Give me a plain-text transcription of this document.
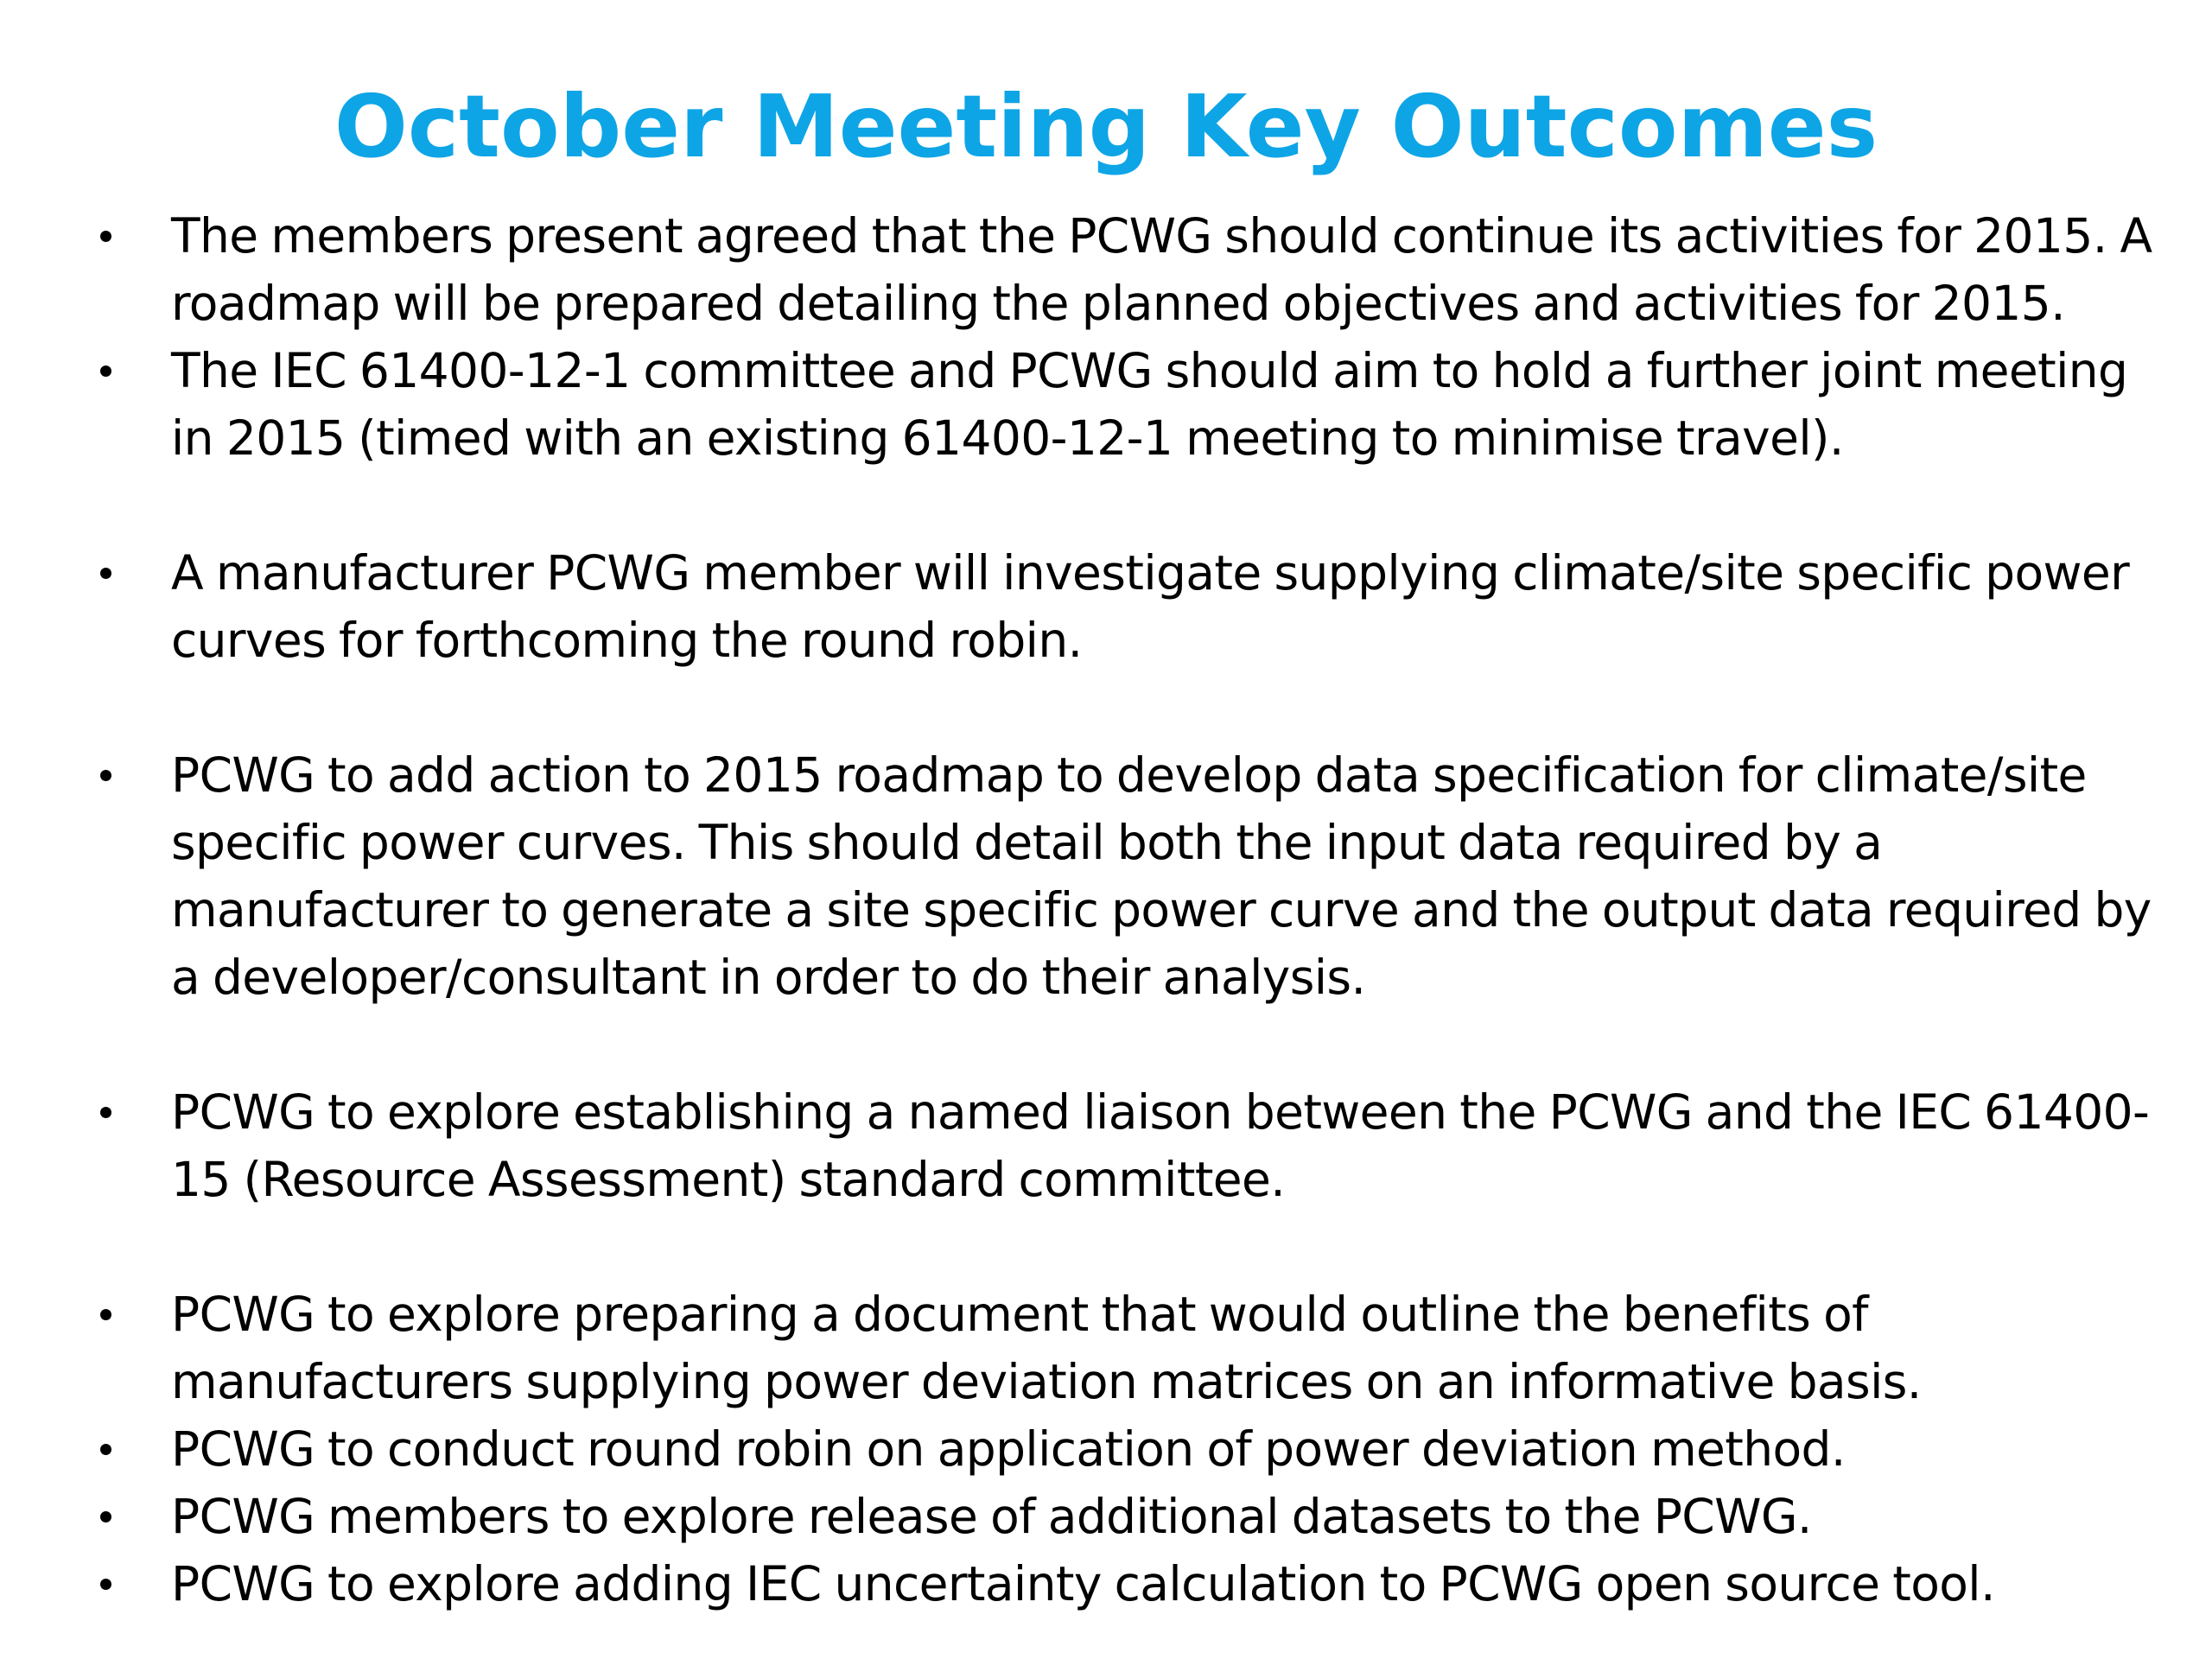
October Meeting Key Outcomes
The members present agreed that the PCWG should continue its activities for 2015. A
roadmap will be prepared detailing the planned objectives and activities for 2015.
The IEC 61400-12-1 committee and PCWG should aim to hold a further joint meeting
in 2015 (timed with an existing 61400-12-1 meeting to minimise travel).
A manufacturer PCWG member will investigate supplying climate/site specific power
curves for forthcoming the round robin.
PCWG to add action to 2015 roadmap to develop data specification for climate/site
specific power curves. This should detail both the input data required by a
manufacturer to generate a site specific power curve and the output data required by
a developer/consultant in order to do their analysis.
PCWG to explore establishing a named liaison between the PCWG and the IEC 61400-
15 (Resource Assessment) standard committee.
PCWG to explore preparing a document that would outline the benefits of
manufacturers supplying power deviation matrices on an informative basis.
PCWG to conduct round robin on application of power deviation method.
PCWG members to explore release of additional datasets to the PCWG.
PCWG to explore adding IEC uncertainty calculation to PCWG open source tool.
